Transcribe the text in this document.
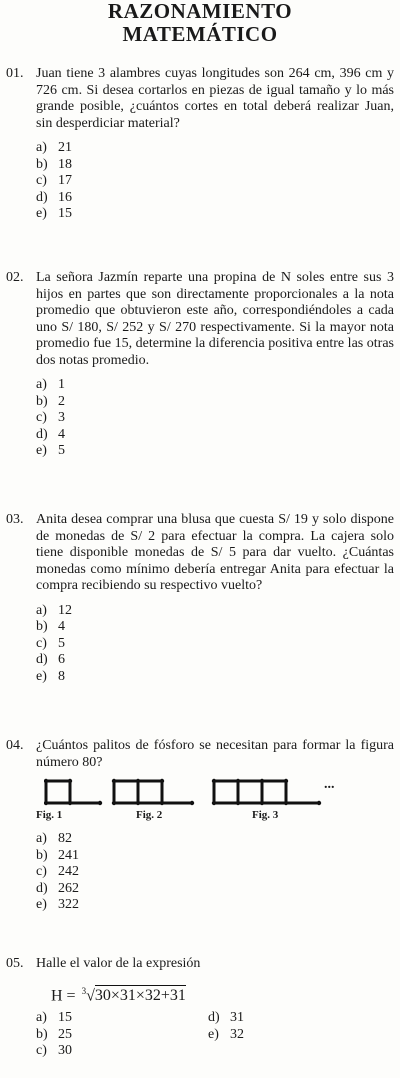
RAZONAMIENTO
MATEMÁTICO
01. Juan tiene 3 alambres cuyas longitudes son 264 cm, 396 cm y 726 cm. Si desea cortarlos en piezas de igual tamaño y lo más grande posible, ¿cuántos cortes en total deberá realizar Juan, sin desperdiciar material?
a) 21
b) 18
c) 17
d) 16
e) 15
02. La señora Jazmín reparte una propina de N soles entre sus 3 hijos en partes que son directamente proporcionales a la nota promedio que obtuvieron este año, correspondiéndoles a cada uno S/ 180, S/ 252 y S/ 270 respectivamente. Si la mayor nota promedio fue 15, determine la diferencia positiva entre las otras dos notas promedio.
a) 1
b) 2
c) 3
d) 4
e) 5
03. Anita desea comprar una blusa que cuesta S/ 19 y solo dispone de monedas de S/ 2 para efectuar la compra. La cajera solo tiene disponible monedas de S/ 5 para dar vuelto. ¿Cuántas monedas como mínimo debería entregar Anita para efectuar la compra recibiendo su respectivo vuelto?
a) 12
b) 4
c) 5
d) 6
e) 8
04. ¿Cuántos palitos de fósforo se necesitan para formar la figura número 80?
...
Fig. 1	Fig. 2	Fig. 3
a) 82
b) 241
c) 242
d) 262
e) 322
05. Halle el valor de la expresión
H = $^3$√30×31×32+31
a) 15
b) 25
c) 30
d) 31
e) 32
